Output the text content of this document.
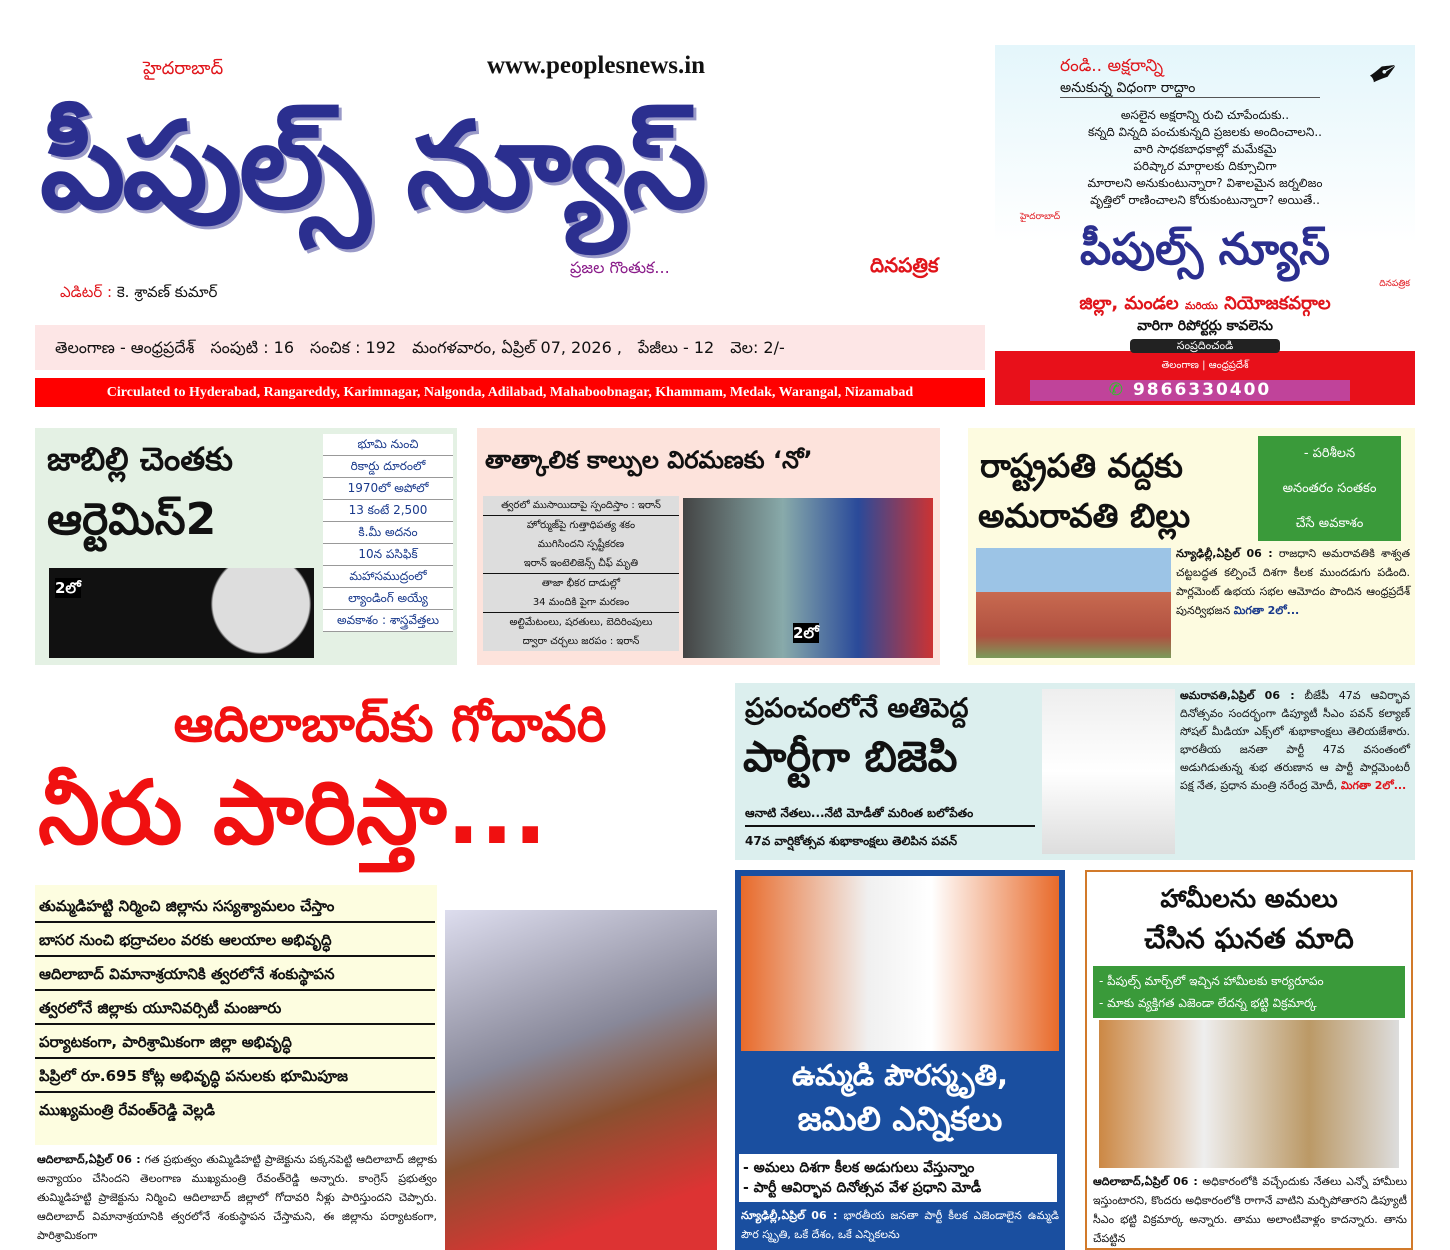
www.peoplesnews.in
హైదరాబాద్
పీపుల్స్ న్యూస్
ప్రజల గొంతుక...	దినపత్రిక
ఎడిటర్ : కె. శ్రావణ్ కుమార్
తెలంగాణ - ఆంధ్రప్రదేశ్ సంపుటి : 16 సంచిక : 192 మంగళవారం, ఏప్రిల్ 07, 2026 , పేజీలు - 12 వెల: 2/-
Circulated to Hyderabad, Rangareddy, Karimnagar, Nalgonda, Adilabad, Mahaboobnagar, Khammam, Medak, Warangal, Nizamabad
రండి.. అక్షరాన్ని
అనుకున్న విధంగా రాద్దాం	✒

అసలైన అక్షరాన్ని రుచి చూపేందుకు..

కన్నది విన్నది పంచుకున్నది ప్రజలకు అందించాలని..

వారి సాధకబాధకాల్లో మమేకమై

పరిష్కార మార్గాలకు దిక్సూచిగా

మారాలని అనుకుంటున్నారా? విశాలమైన జర్నలిజం

వృత్తిలో రాణించాలని కోరుకుంటున్నారా? అయితే..

హైదరాబాద్
పీపుల్స్ న్యూస్
దినపత్రిక
జిల్లా, మండల మరియు నియోజకవర్గాల
వారిగా రిపోర్టర్లు కావలెను
సంప్రదించండి
తెలంగాణ | ఆంధ్రప్రదేశ్
✆ 9866330400
జాబిల్లి చెంతకు
ఆర్టెమిస్2
2లో

భూమి నుంచి

రికార్డు దూరంలో

1970లో అపోలో

13 కంటే 2,500

కి.మీ అదనం

10న పసిఫిక్

మహాసముద్రంలో

ల్యాండింగ్ అయ్యే

అవకాశం : శాస్త్రవేత్తలు

తాత్కాలిక కాల్పుల విరమణకు ‘నో’

త్వరలో ముసాయిదాపై స్పందిస్తాం : ఇరాన్

హోర్ముజ్‌పై గుత్తాధిపత్య శకం

ముగిసిందని స్పష్టీకరణ

ఇరాన్ ఇంటెలిజెన్స్ చీఫ్ మృతి

తాజా భీకర దాడుల్లో

34 మందికి పైగా మరణం

అల్టిమేటంలు, షరతులు, బెదిరింపులు

ద్వారా చర్చలు జరపం : ఇరాన్	2లో
రాష్ట్రపతి వద్దకు
అమరావతి బిల్లు

- పరిశీలన

అనంతరం సంతకం

చేసే అవకాశం

న్యూఢిల్లీ,ఏప్రిల్ 06 : రాజధాని అమరావతికి శాశ్వత చట్టబద్ధత కల్పించే దిశగా కీలక ముందడుగు పడింది. పార్లమెంట్ ఉభయ సభల ఆమోదం పొందిన ఆంధ్రప్రదేశ్ పునర్విభజన మిగతా 2లో...
ఆదిలాబాద్‌కు గోదావరి
నీరు పారిస్తా...
ప్రపంచంలోనే అతిపెద్ద
పార్టీగా బిజెపి
ఆనాటి నేతలు...నేటి మోడీతో మరింత బలోపేతం
47వ వార్షికోత్సవ శుభాకాంక్షలు తెలిపిన పవన్
అమరావతి,ఏప్రిల్ 06 : బీజేపీ 47వ ఆవిర్భావ దినోత్సవం సందర్భంగా డిప్యూటీ సీఎం పవన్ కల్యాణ్ సోషల్ మీడియా ఎక్స్‌లో శుభాకాంక్షలు తెలియజేశారు. భారతీయ జనతా పార్టీ 47వ వసంతంలో అడుగిడుతున్న శుభ తరుణాన ఆ పార్టీ పార్లమెంటరీ పక్ష నేత, ప్రధాన మంత్రి నరేంద్ర మోదీ, మిగతా 2లో...

తుమ్మడిహట్టి నిర్మించి జిల్లాను సస్యశ్యామలం చేస్తాం

బాసర నుంచి భద్రాచలం వరకు ఆలయాల అభివృద్ధి

ఆదిలాబాద్ విమానాశ్రయానికి త్వరలోనే శంకుస్థాపన

త్వరలోనే జిల్లాకు యూనివర్సిటీ మంజూరు

పర్యాటకంగా, పారిశ్రామికంగా జిల్లా అభివృద్ధి

పిప్రిలో రూ.695 కోట్ల అభివృద్ధి పనులకు భూమిపూజ

ముఖ్యమంత్రి రేవంత్‌రెడ్డి వెల్లడి

ఆదిలాబాద్,ఏప్రిల్ 06 : గత ప్రభుత్వం తుమ్మిడిహట్టి ప్రాజెక్టును పక్కనపెట్టి ఆదిలాబాద్ జిల్లాకు అన్యాయం చేసిందని తెలంగాణ ముఖ్యమంత్రి రేవంత్‌రెడ్డి అన్నారు. కాంగ్రెస్ ప్రభుత్వం తుమ్మిడిహట్టి ప్రాజెక్టును నిర్మించి ఆదిలాబాద్ జిల్లాలో గోదావరి నీళ్లు పారిస్తుందని చెప్పారు. ఆదిలాబాద్ విమానాశ్రయానికి త్వరలోనే శంకుస్థాపన చేస్తామని, ఈ జిల్లాను పర్యాటకంగా, పారిశ్రామికంగా
ఉమ్మడి పౌరస్మృతి,
జమిలి ఎన్నికలు

- అమలు దిశగా కీలక అడుగులు వేస్తున్నాం

- పార్టీ ఆవిర్భావ దినోత్సవ వేళ ప్రధాని మోడీ

న్యూఢిల్లీ,ఏప్రిల్ 06 : భారతీయ జనతా పార్టీ కీలక ఎజెండాలైన ఉమ్మడి పౌర స్మృతి, ఒకే దేశం, ఒకే ఎన్నికలను
హామీలను అమలు
చేసిన ఘనత మాది

- పీపుల్స్ మార్చ్‌లో ఇచ్చిన హామీలకు కార్యరూపం

- మాకు వ్యక్తిగత ఎజెండా లేదన్న భట్టి విక్రమార్క

ఆదిలాబాద్,ఏప్రిల్ 06 : అధికారంలోకి వచ్చేందుకు నేతలు ఎన్నో హామీలు ఇస్తుంటారని, కొందరు అధికారంలోకి రాగానే వాటిని మర్చిపోతారని డిప్యూటీ సీఎం భట్టి విక్రమార్క అన్నారు. తాము అలాంటివాళ్లం కాదన్నారు. తాను చేపట్టిన
